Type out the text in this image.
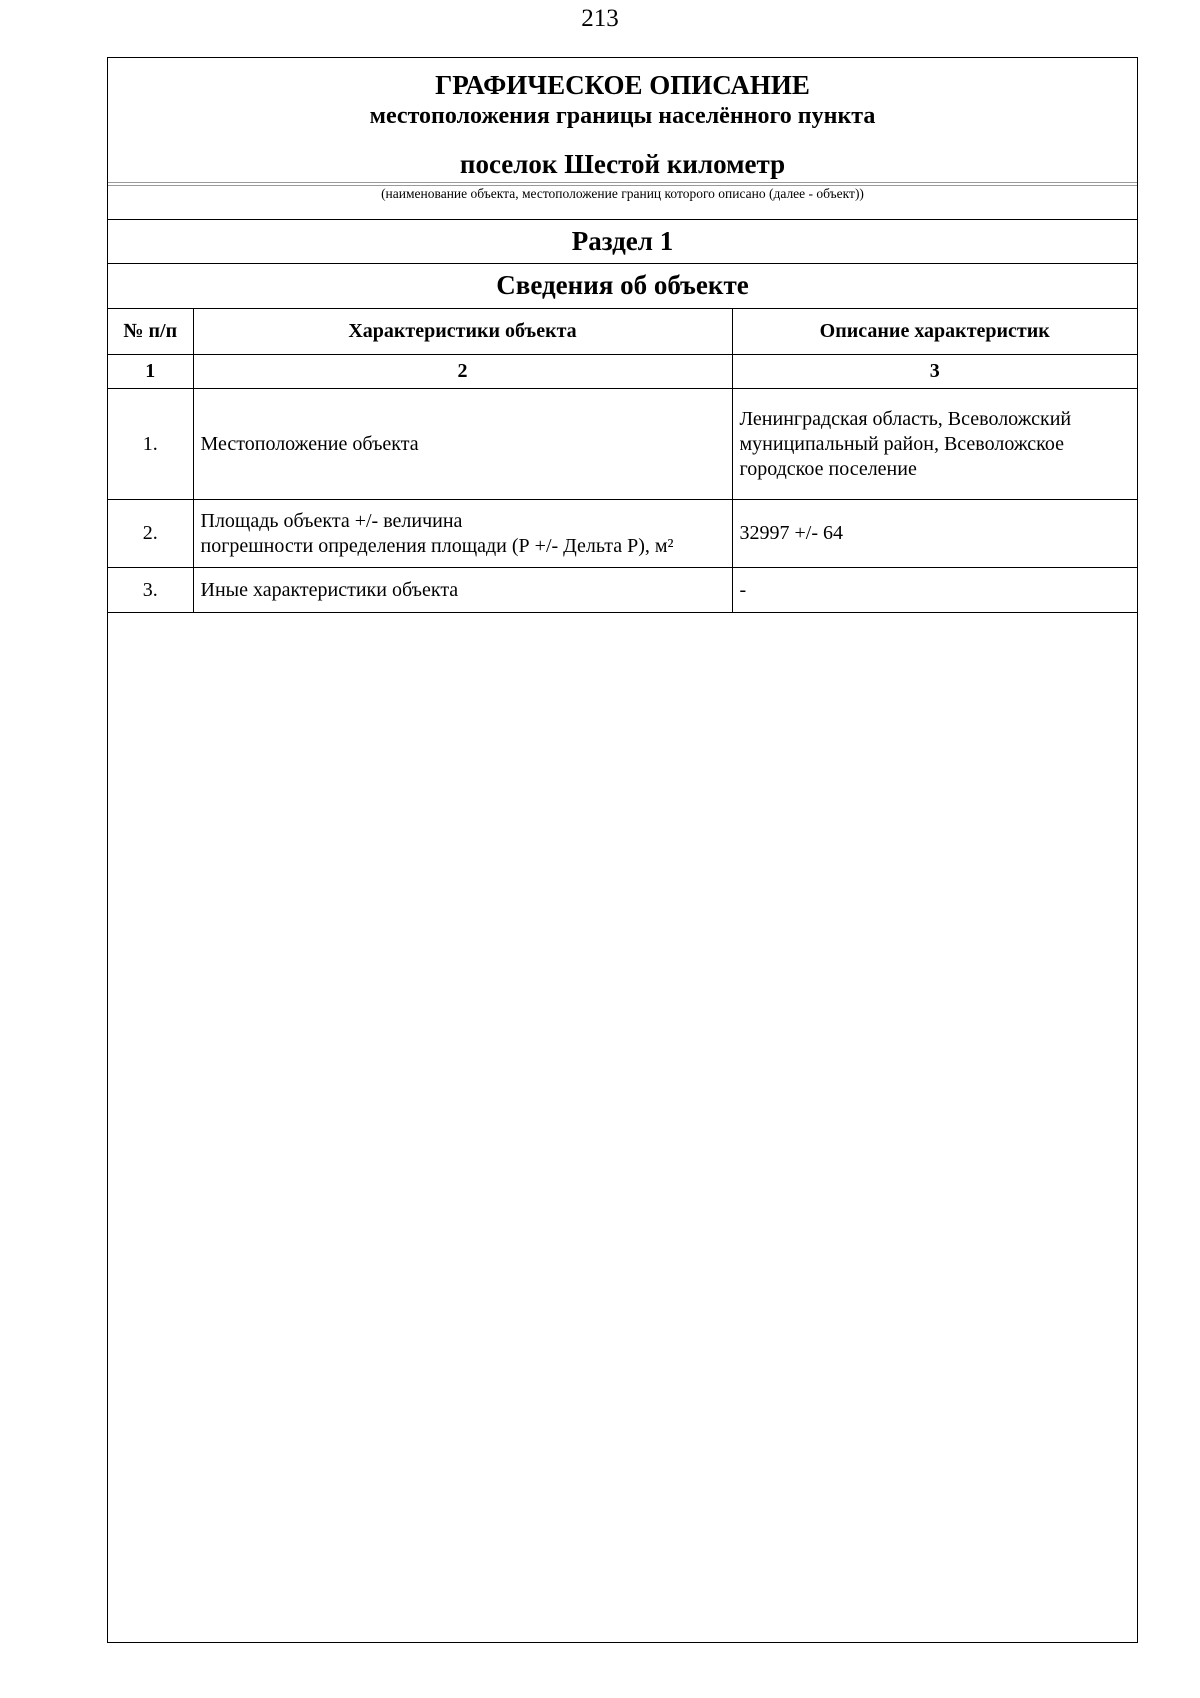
213
ГРАФИЧЕСКОЕ ОПИСАНИЕ
местоположения границы населённого пункта
поселок Шестой километр
(наименование объекта, местоположение границ которого описано (далее - объект))
Раздел 1
Сведения об объекте
№ п/п	Характеристики объекта	Описание характеристик
1	2	3
1.	Местоположение объекта	Ленинградская область, Всеволожский
муниципальный район, Всеволожское
городское поселение
2.	Площадь объекта +/- величина
погрешности определения площади (Р +/- Дельта Р), м²	32997 +/- 64
3.	Иные характеристики объекта	-
